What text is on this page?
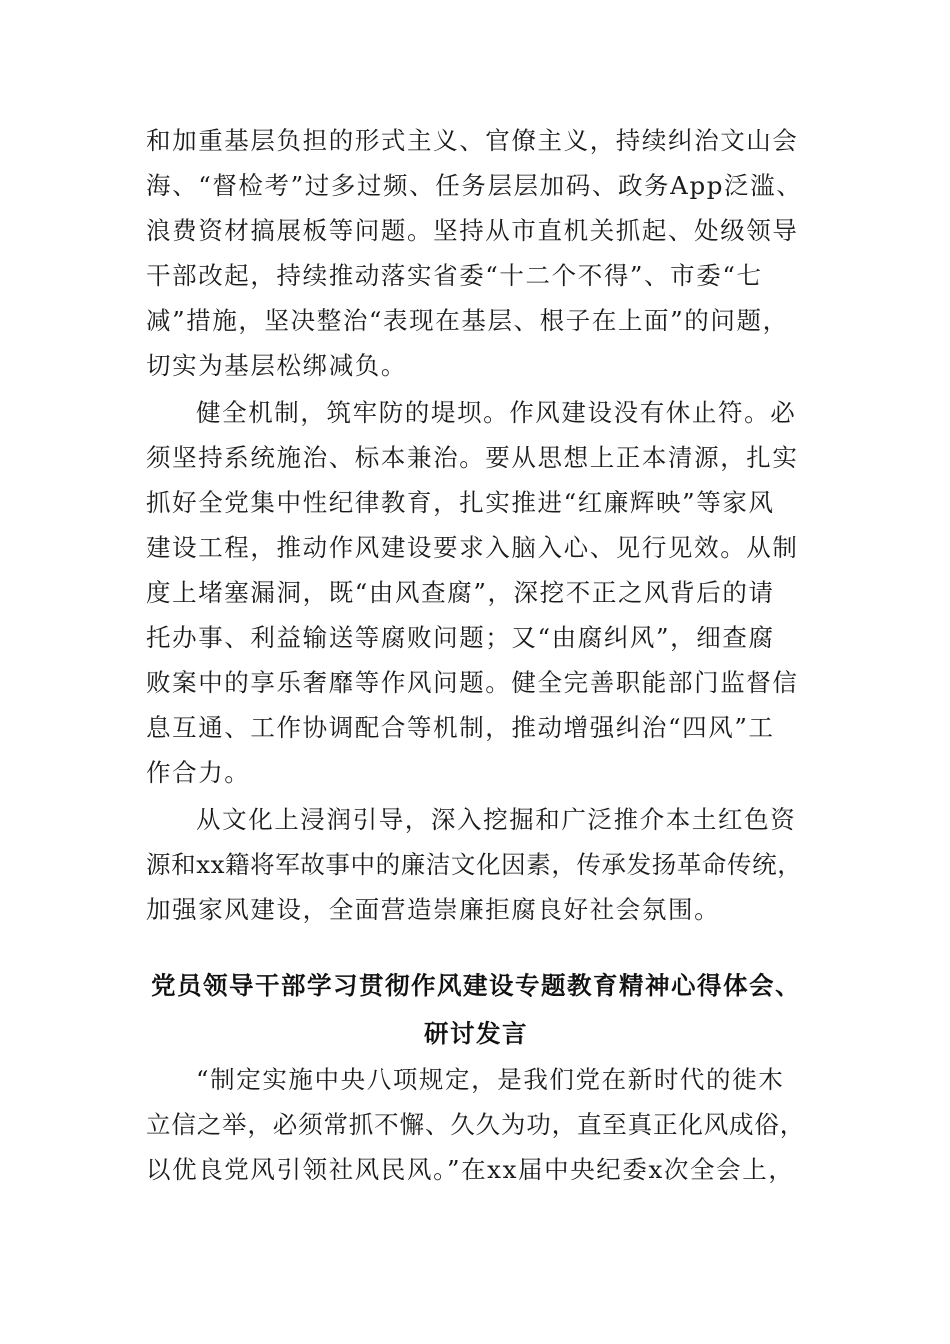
和加重基层负担的形式主义、官僚主义，持续纠治文山会
海、“督检考”过多过频、任务层层加码、政务App泛滥、
浪费资材搞展板等问题。坚持从市直机关抓起、处级领导
干部改起，持续推动落实省委“十二个不得”、市委“七
减”措施，坚决整治“表现在基层、根子在上面”的问题，
切实为基层松绑减负。
健全机制，筑牢防的堤坝。作风建设没有休止符。必
须坚持系统施治、标本兼治。要从思想上正本清源，扎实
抓好全党集中性纪律教育，扎实推进“红廉辉映”等家风
建设工程，推动作风建设要求入脑入心、见行见效。从制
度上堵塞漏洞，既“由风查腐”，深挖不正之风背后的请
托办事、利益输送等腐败问题；又“由腐纠风”，细查腐
败案中的享乐奢靡等作风问题。健全完善职能部门监督信
息互通、工作协调配合等机制，推动增强纠治“四风”工
作合力。
从文化上浸润引导，深入挖掘和广泛推介本土红色资
源和xx籍将军故事中的廉洁文化因素，传承发扬革命传统，
加强家风建设，全面营造崇廉拒腐良好社会氛围。
党员领导干部学习贯彻作风建设专题教育精神心得体会、
研讨发言
“制定实施中央八项规定，是我们党在新时代的徙木
立信之举，必须常抓不懈、久久为功，直至真正化风成俗，
以优良党风引领社风民风。”在xx届中央纪委x次全会上，
